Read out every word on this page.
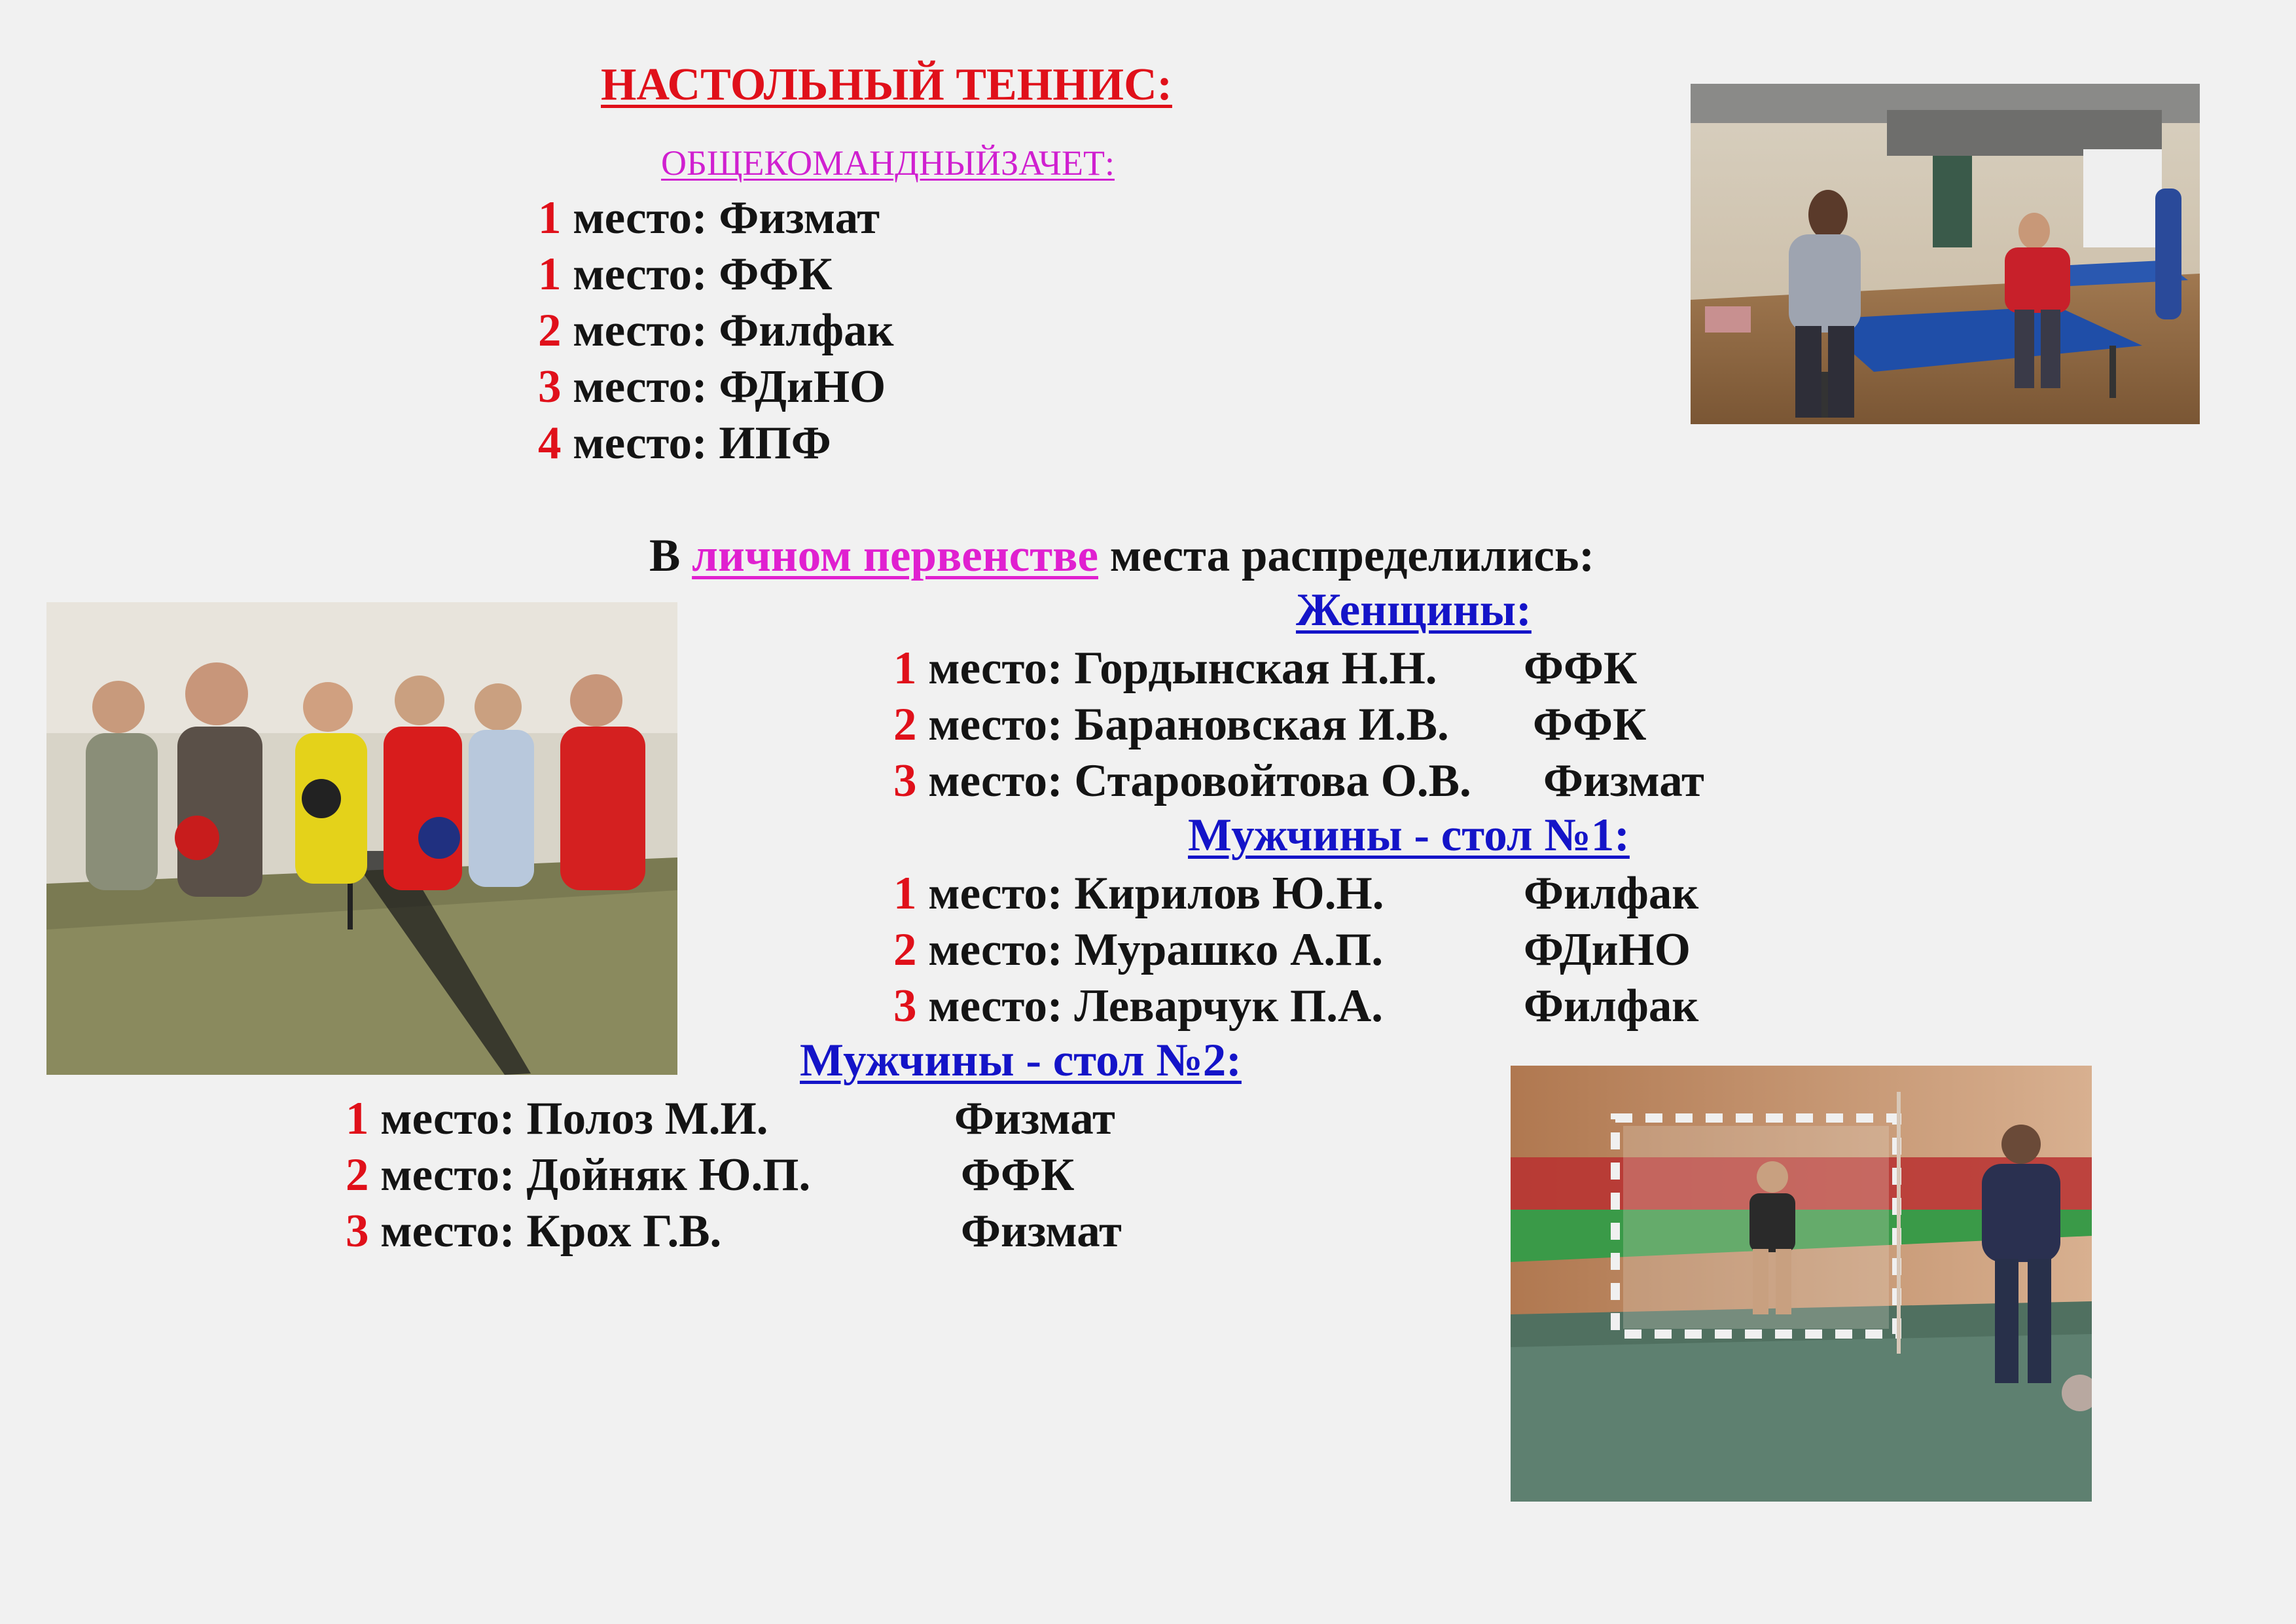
НАСТОЛЬНЫЙ ТЕННИС:
ОБЩЕКОМАНДНЫЙЗАЧЕТ:
1 место: Физмат
1 место: ФФК
2 место: Филфак
3 место: ФДиНО
4 место: ИПФ
В личном первенстве места распределились:
Женщины:
1 место: Гордынская Н.Н. ФФК
2 место: Барановская И.В. ФФК
3 место: Старовойтова О.В. Физмат
Мужчины - стол №1:
1 место: Кирилов Ю.Н.	Филфак
2 место: Мурашко А.П.	ФДиНО
3 место: Леварчук П.А.	Филфак
Мужчины - стол №2:
1 место: Полоз М.И.	Физмат
2 место: Дойняк Ю.П.	ФФК
3 место: Крох Г.В.	Физмат
